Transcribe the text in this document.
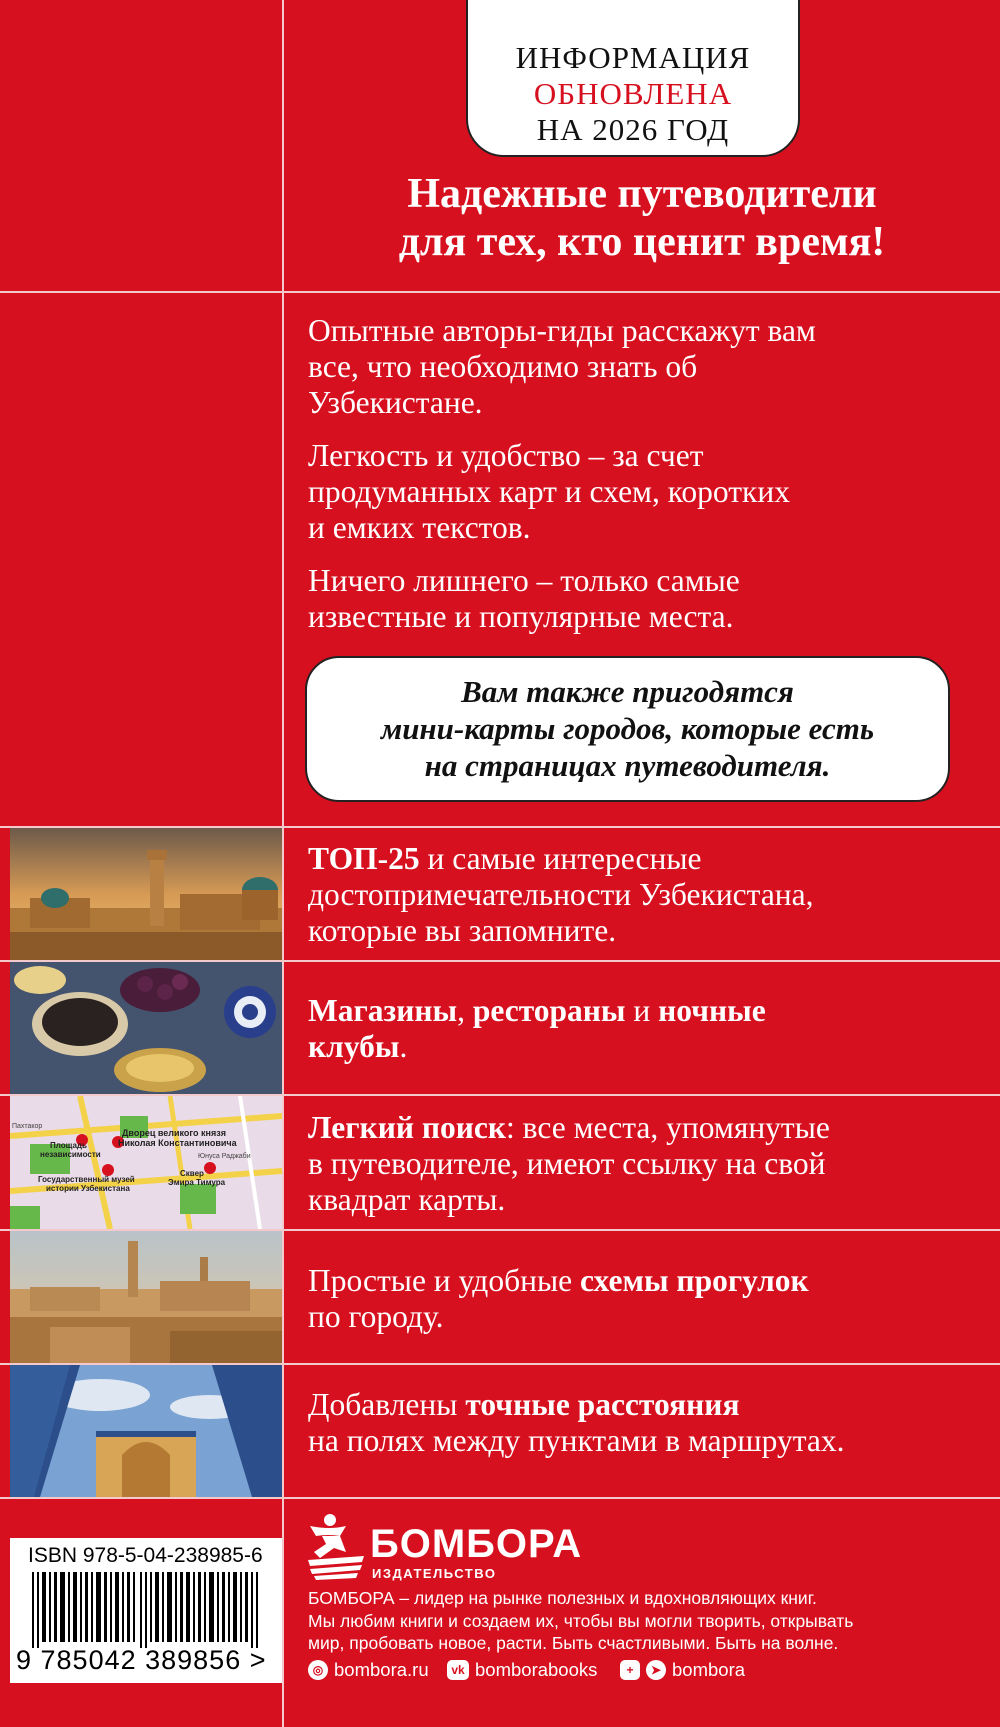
ИНФОРМАЦИЯ
ОБНОВЛЕНА
НА 2026 ГОД
Надежные путеводители
для тех, кто ценит время!
Опытные авторы-гиды расскажут вам
все, что необходимо знать об
Узбекистане.
Легкость и удобство – за счет
продуманных карт и схем, коротких
и емких текстов.
Ничего лишнего – только самые
известные и популярные места.
Вам также пригодятся
мини-карты городов, которые есть
на страницах путеводителя.
Дворец великого князя
Николая Константиновича
Площадь
независимости
Государственный музей
истории Узбекистана
Сквер
Эмира Тимура
Пахтакор
Юнуса Раджаби
ТОП-25 и самые интересные
достопримечательности Узбекистана,
которые вы запомните.
Магазины, рестораны и ночные
клубы.
Легкий поиск: все места, упомянутые
в путеводителе, имеют ссылку на свой
квадрат карты.
Простые и удобные схемы прогулок
по городу.
Добавлены точные расстояния
на полях между пунктами в маршрутах.
ISBN 978-5-04-238985-6
9 785042 389856 >
БОМБОРА
ИЗДАТЕЛЬСТВО
БОМБОРА – лидер на рынке полезных и вдохновляющих книг.
Мы любим книги и создаем их, чтобы вы могли творить, открывать
мир, пробовать новое, расти. Быть счастливыми. Быть на волне.
◎ bombora.ru	vk bomborabooks	+	➤ bombora
